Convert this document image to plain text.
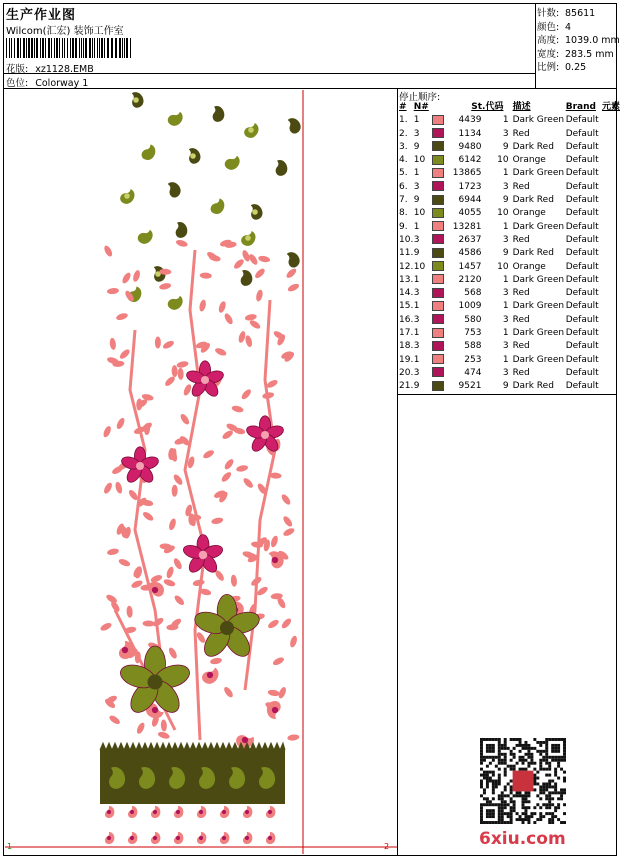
生产作业图
Wilcom(汇宏) 装饰工作室
花版: xz1128.EMB
色位: Colorway 1
停止顺序:
#	N#		St.	代码	描述	Brand	元素
1.	1		4439	1	Dark Green	Default	
2.	3		1134	3	Red	Default	
3.	9		9480	9	Dark Red	Default	
4.	10		6142	10	Orange	Default	
5.	1		13865	1	Dark Green	Default	
6.	3		1723	3	Red	Default	
7.	9		6944	9	Dark Red	Default	
8.	10		4055	10	Orange	Default	
9.	1		13281	1	Dark Green	Default	
10.	3		2637	3	Red	Default	
11.	9		4586	9	Dark Red	Default	
12.	10		1457	10	Orange	Default	
13.	1		2120	1	Dark Green	Default	
14.	3		568	3	Red	Default	
15.	1		1009	1	Dark Green	Default	
16.	3		580	3	Red	Default	
17.	1		753	1	Dark Green	Default	
18.	3		588	3	Red	Default	
19.	1		253	1	Dark Green	Default	
20.	3		474	3	Red	Default	
21.	9		9521	9	Dark Red	Default	
1	2	6xiu.com
针数: 85611
颜色: 4
高度: 1039.0 mm
宽度: 283.5 mm
比例: 0.25
